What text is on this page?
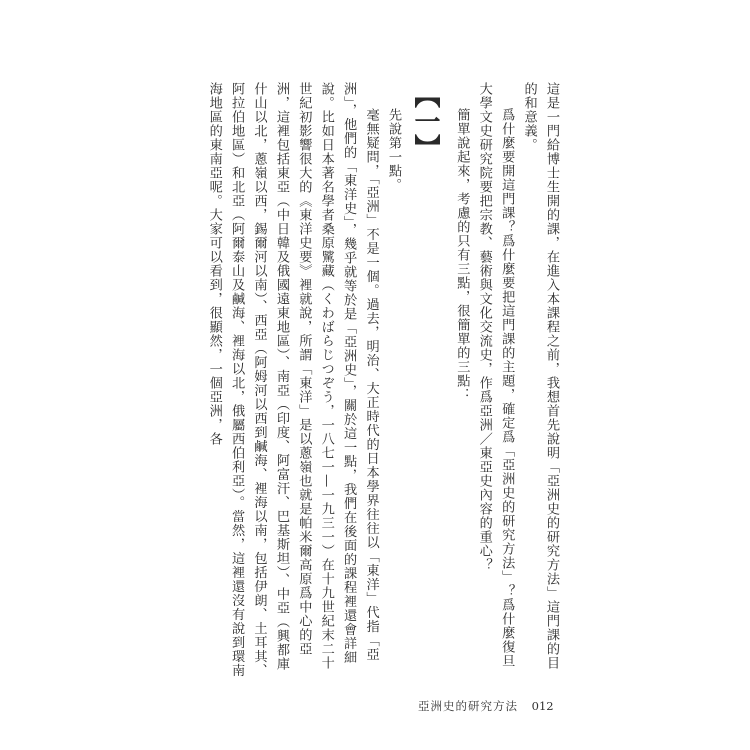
這是一門給博士生開的課，在進入本課程之前，我想首先說明「亞洲史的研究方法」這門課的目的和意義。

爲什麼要開這門課？爲什麼要把這門課的主題，確定爲「亞洲史的研究方法」？爲什麼復旦大學文史研究院要把宗教、藝術與文化交流史，作爲亞洲／東亞史內容的重心？

簡單說起來，考慮的只有三點，很簡單的三點：

【一】

先說第一點。

毫無疑問，「亞洲」不是一個。過去，明治、大正時代的日本學界往往以「東洋」代指「亞洲」，他們的「東洋史」，幾乎就等於是「亞洲史」，關於這一點，我們在後面的課程裡還會詳細說。比如日本著名學者桑原騭藏（くわばらじつぞう，一八七一—一九三一）在十九世紀末二十世紀初影響很大的《東洋史要》裡就說，所謂「東洋」是以蔥嶺也就是帕米爾高原爲中心的亞洲，這裡包括東亞（中日韓及俄國遠東地區）、南亞（印度、阿富汗、巴基斯坦）、中亞（興都庫什山以北，蔥嶺以西，錫爾河以南）、西亞（阿姆河以西到鹹海、裡海以南，包括伊朗、土耳其、阿拉伯地區）和北亞（阿爾泰山及鹹海、裡海以北，俄屬西伯利亞）。當然，這裡還沒有說到環南海地區的東南亞呢。大家可以看到，很顯然，一個亞洲，各

亞洲史的研究方法 012
